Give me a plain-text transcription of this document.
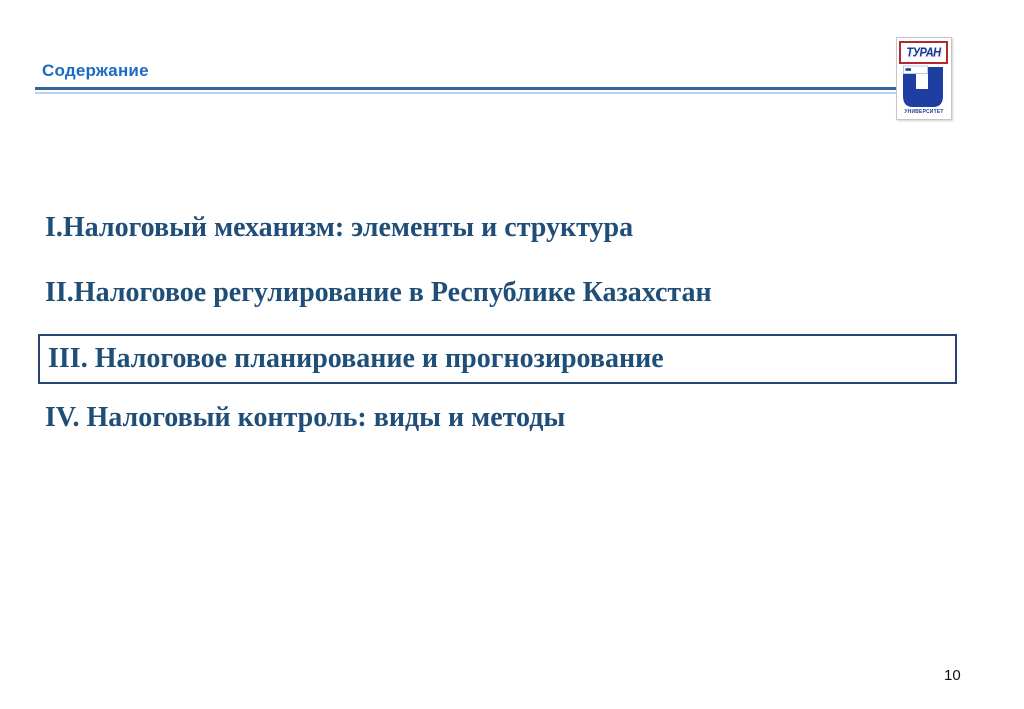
Содержание
ТУРАН
УНИВЕРСИТЕТ
I.Налоговый механизм: элементы и структура
II.Налоговое регулирование в Республике Казахстан
III. Налоговое планирование и прогнозирование
IV. Налоговый контроль: виды и методы
10
